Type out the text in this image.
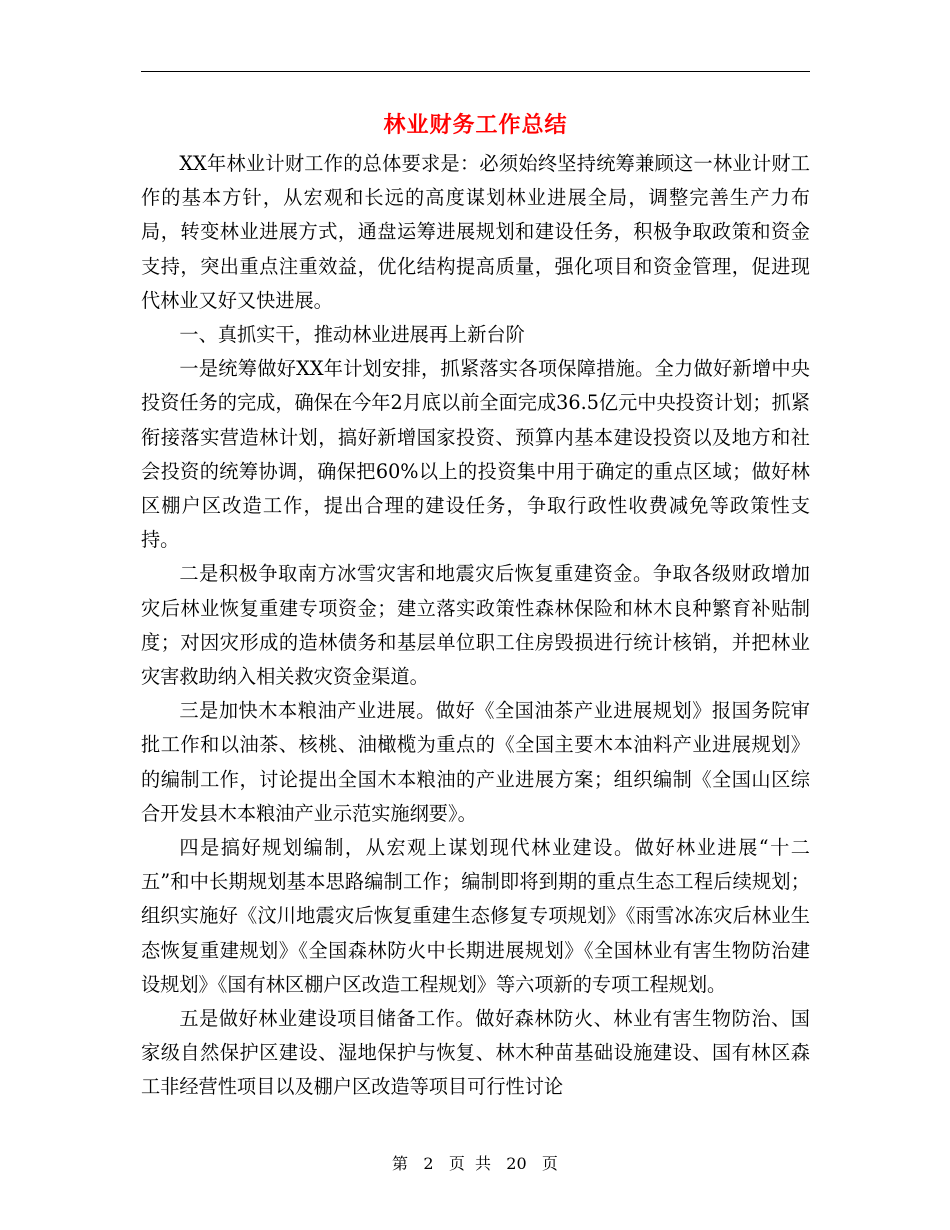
林业财务工作总结

XX年林业计财工作的总体要求是：必须始终坚持统筹兼顾这一林业计财工作的基本方针，从宏观和长远的高度谋划林业进展全局，调整完善生产力布局，转变林业进展方式，通盘运筹进展规划和建设任务，积极争取政策和资金支持，突出重点注重效益，优化结构提高质量，强化项目和资金管理，促进现代林业又好又快进展。

一、真抓实干，推动林业进展再上新台阶

一是统筹做好XX年计划安排，抓紧落实各项保障措施。全力做好新增中央投资任务的完成，确保在今年2月底以前全面完成36.5亿元中央投资计划；抓紧衔接落实营造林计划，搞好新增国家投资、预算内基本建设投资以及地方和社会投资的统筹协调，确保把60%以上的投资集中用于确定的重点区域；做好林区棚户区改造工作，提出合理的建设任务，争取行政性收费减免等政策性支持。

二是积极争取南方冰雪灾害和地震灾后恢复重建资金。争取各级财政增加灾后林业恢复重建专项资金；建立落实政策性森林保险和林木良种繁育补贴制度；对因灾形成的造林债务和基层单位职工住房毁损进行统计核销，并把林业灾害救助纳入相关救灾资金渠道。

三是加快木本粮油产业进展。做好《全国油茶产业进展规划》报国务院审批工作和以油茶、核桃、油橄榄为重点的《全国主要木本油料产业进展规划》的编制工作，讨论提出全国木本粮油的产业进展方案；组织编制《全国山区综合开发县木本粮油产业示范实施纲要》。

四是搞好规划编制，从宏观上谋划现代林业建设。做好林业进展“十二五”和中长期规划基本思路编制工作；编制即将到期的重点生态工程后续规划；组织实施好《汶川地震灾后恢复重建生态修复专项规划》《雨雪冰冻灾后林业生态恢复重建规划》《全国森林防火中长期进展规划》《全国林业有害生物防治建设规划》《国有林区棚户区改造工程规划》等六项新的专项工程规划。

五是做好林业建设项目储备工作。做好森林防火、林业有害生物防治、国家级自然保护区建设、湿地保护与恢复、林木种苗基础设施建设、国有林区森工非经营性项目以及棚户区改造等项目可行性讨论

第 2 页  共 20 页
